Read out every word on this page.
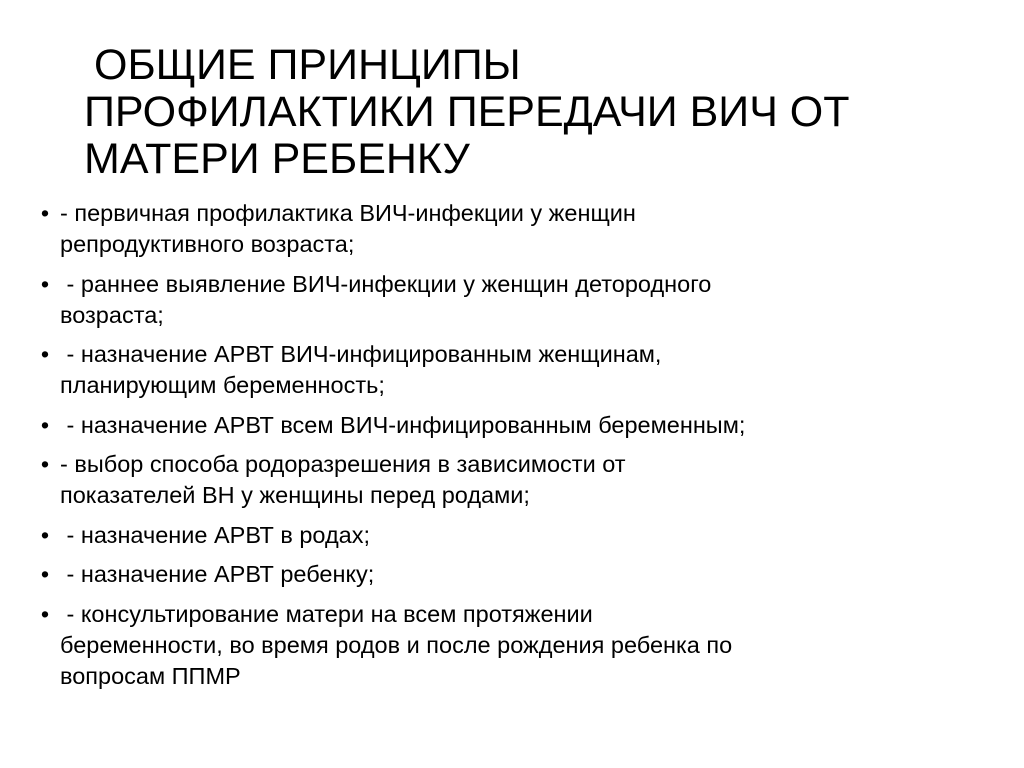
ОБЩИЕ ПРИНЦИПЫ
ПРОФИЛАКТИКИ ПЕРЕДАЧИ ВИЧ ОТ
МАТЕРИ РЕБЕНКУ
• - первичная профилактика ВИЧ-инфекции у женщин
репродуктивного возраста;
• - раннее выявление ВИЧ-инфекции у женщин детородного
возраста;
• - назначение АРВТ ВИЧ-инфицированным женщинам,
планирующим беременность;
• - назначение АРВТ всем ВИЧ-инфицированным беременным;
• - выбор способа родоразрешения в зависимости от
показателей ВН у женщины перед родами;
• - назначение АРВТ в родах;
• - назначение АРВТ ребенку;
• - консультирование матери на всем протяжении
беременности, во время родов и после рождения ребенка по
вопросам ППМР
